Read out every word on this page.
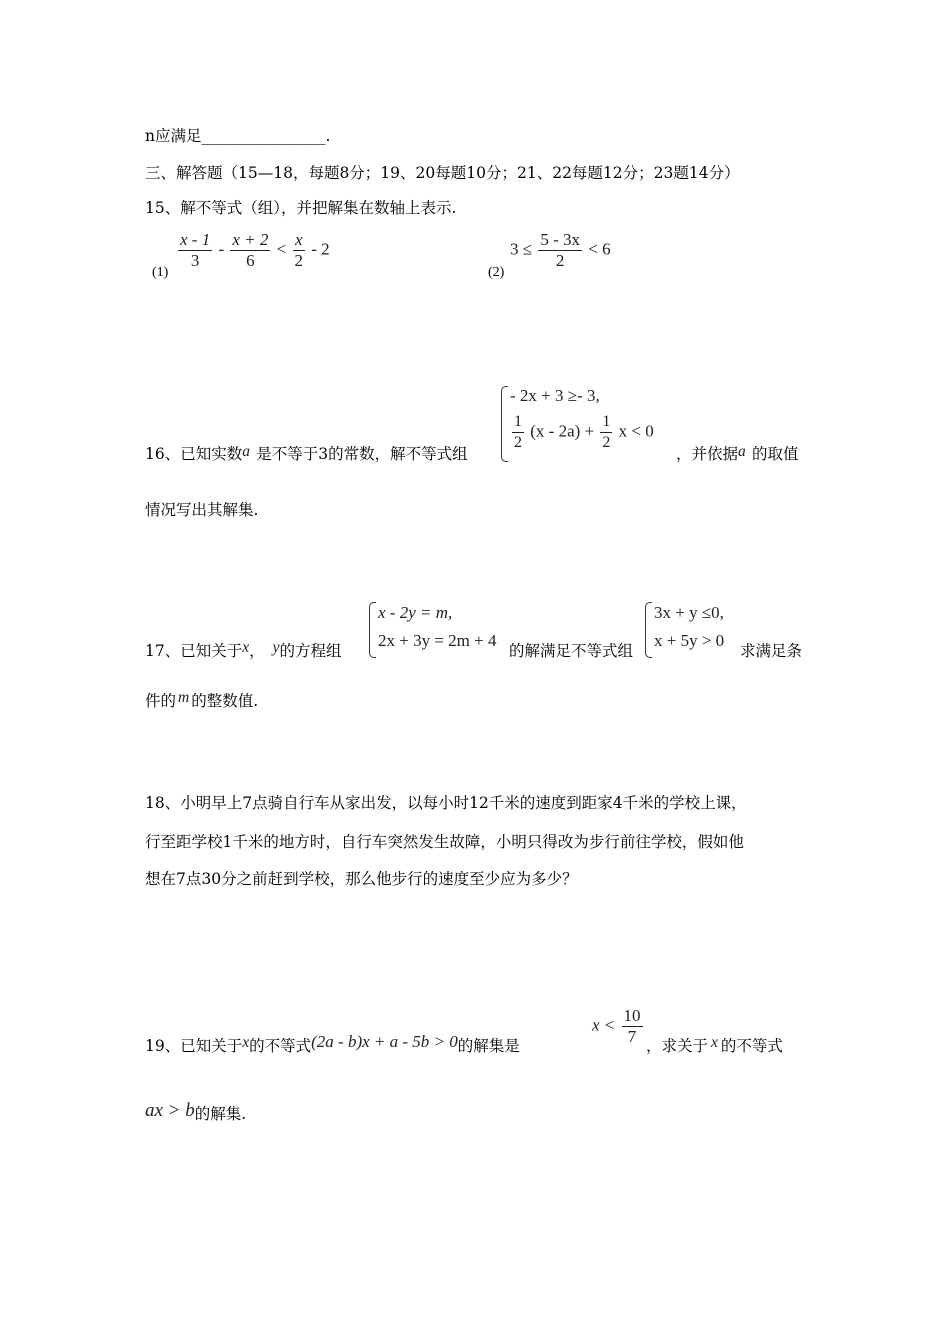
n应满足________________.
三、解答题（15—18，每题8分；19、20每题10分；21、22每题12分；23题14分）
15、解不等式（组），并把解集在数轴上表示.
(1)
$\frac{x - 1}{3} - \frac{x + 2}{6} < \frac{x}{2} - 2$
(2)
$3 \le \frac{5 - 3x}{2} < 6$
16、已知实数a 是不等于3的常数，解不等式组
- 2x + 3 ≥- 3,
$\frac{1}{2} (x - 2a) + \frac{1}{2}$ x < 0
，并依据a 的取值
情况写出其解集.
17、已知关于x， y的方程组
x - 2y = m,
2x + 3y = 2m + 4
的解满足不等式组
3x + y ≤0,
x + 5y > 0
求满足条
件的 m 的整数值.
18、小明早上7点骑自行车从家出发，以每小时12千米的速度到距家4千米的学校上课，
行至距学校1千米的地方时，自行车突然发生故障，小明只得改为步行前往学校，假如他
想在7点30分之前赶到学校，那么他步行的速度至少应为多少？
19、已知关于x的不等式(2a - b)x + a - 5b > 0的解集是
$x < \frac{10}{7}$ ，求关于 x 的不等式
ax > b的解集.
